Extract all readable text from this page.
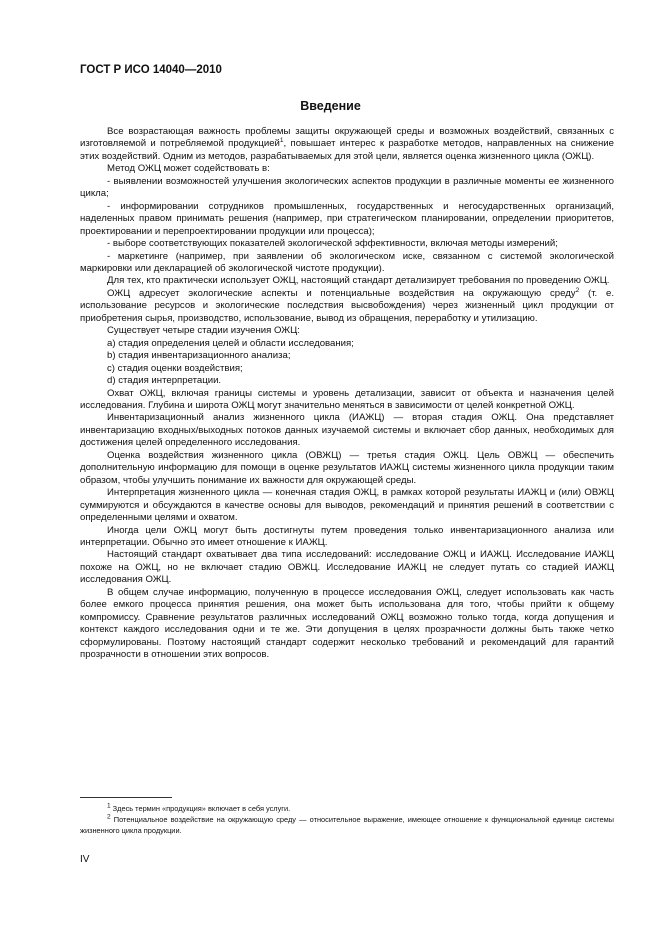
ГОСТ Р ИСО 14040—2010
Введение

Все возрастающая важность проблемы защиты окружающей среды и возможных воздействий, связанных с изготовляемой и потребляемой продукцией$^1$, повышает интерес к разработке методов, направленных на снижение этих воздействий. Одним из методов, разрабатываемых для этой цели, является оценка жизненного цикла (ОЖЦ).

Метод ОЖЦ может содействовать в:

- выявлении возможностей улучшения экологических аспектов продукции в различные моменты ее жизненного цикла;

- информировании сотрудников промышленных, государственных и негосударственных организаций, наделенных правом принимать решения (например, при стратегическом планировании, определении приоритетов, проектировании и перепроектировании продукции или процесса);

- выборе соответствующих показателей экологической эффективности, включая методы измерений;

- маркетинге (например, при заявлении об экологическом иске, связанном с системой экологической маркировки или декларацией об экологической чистоте продукции).

Для тех, кто практически использует ОЖЦ, настоящий стандарт детализирует требования по проведению ОЖЦ.

ОЖЦ адресует экологические аспекты и потенциальные воздействия на окружающую среду$^2$ (т. е. использование ресурсов и экологические последствия высвобождения) через жизненный цикл продукции от приобретения сырья, производство, использование, вывод из обращения, переработку и утилизацию.

Существует четыре стадии изучения ОЖЦ:

a) стадия определения целей и области исследования;

b) стадия инвентаризационного анализа;

c) стадия оценки воздействия;

d) стадия интерпретации.

Охват ОЖЦ, включая границы системы и уровень детализации, зависит от объекта и назначения целей исследования. Глубина и широта ОЖЦ могут значительно меняться в зависимости от целей конкретной ОЖЦ.

Инвентаризационный анализ жизненного цикла (ИАЖЦ) — вторая стадия ОЖЦ. Она представляет инвентаризацию входных/выходных потоков данных изучаемой системы и включает сбор данных, необходимых для достижения целей определенного исследования.

Оценка воздействия жизненного цикла (ОВЖЦ) — третья стадия ОЖЦ. Цель ОВЖЦ — обеспечить дополнительную информацию для помощи в оценке результатов ИАЖЦ системы жизненного цикла продукции таким образом, чтобы улучшить понимание их важности для окружающей среды.

Интерпретация жизненного цикла — конечная стадия ОЖЦ, в рамках которой результаты ИАЖЦ и (или) ОВЖЦ суммируются и обсуждаются в качестве основы для выводов, рекомендаций и принятия решений в соответствии с определенными целями и охватом.

Иногда цели ОЖЦ могут быть достигнуты путем проведения только инвентаризационного анализа или интерпретации. Обычно это имеет отношение к ИАЖЦ.

Настоящий стандарт охватывает два типа исследований: исследование ОЖЦ и ИАЖЦ. Исследование ИАЖЦ похоже на ОЖЦ, но не включает стадию ОВЖЦ. Исследование ИАЖЦ не следует путать со стадией ИАЖЦ исследования ОЖЦ.

В общем случае информацию, полученную в процессе исследования ОЖЦ, следует использовать как часть более емкого процесса принятия решения, она может быть использована для того, чтобы прийти к общему компромиссу. Сравнение результатов различных исследований ОЖЦ возможно только тогда, когда допущения и контекст каждого исследования одни и те же. Эти допущения в целях прозрачности должны быть также четко сформулированы. Поэтому настоящий стандарт содержит несколько требований и рекомендаций для гарантий прозрачности в отношении этих вопросов.

$^1$ Здесь термин «продукция» включает в себя услуги.

$^2$ Потенциальное воздействие на окружающую среду — относительное выражение, имеющее отношение к функциональной единице системы жизненного цикла продукции.

IV
